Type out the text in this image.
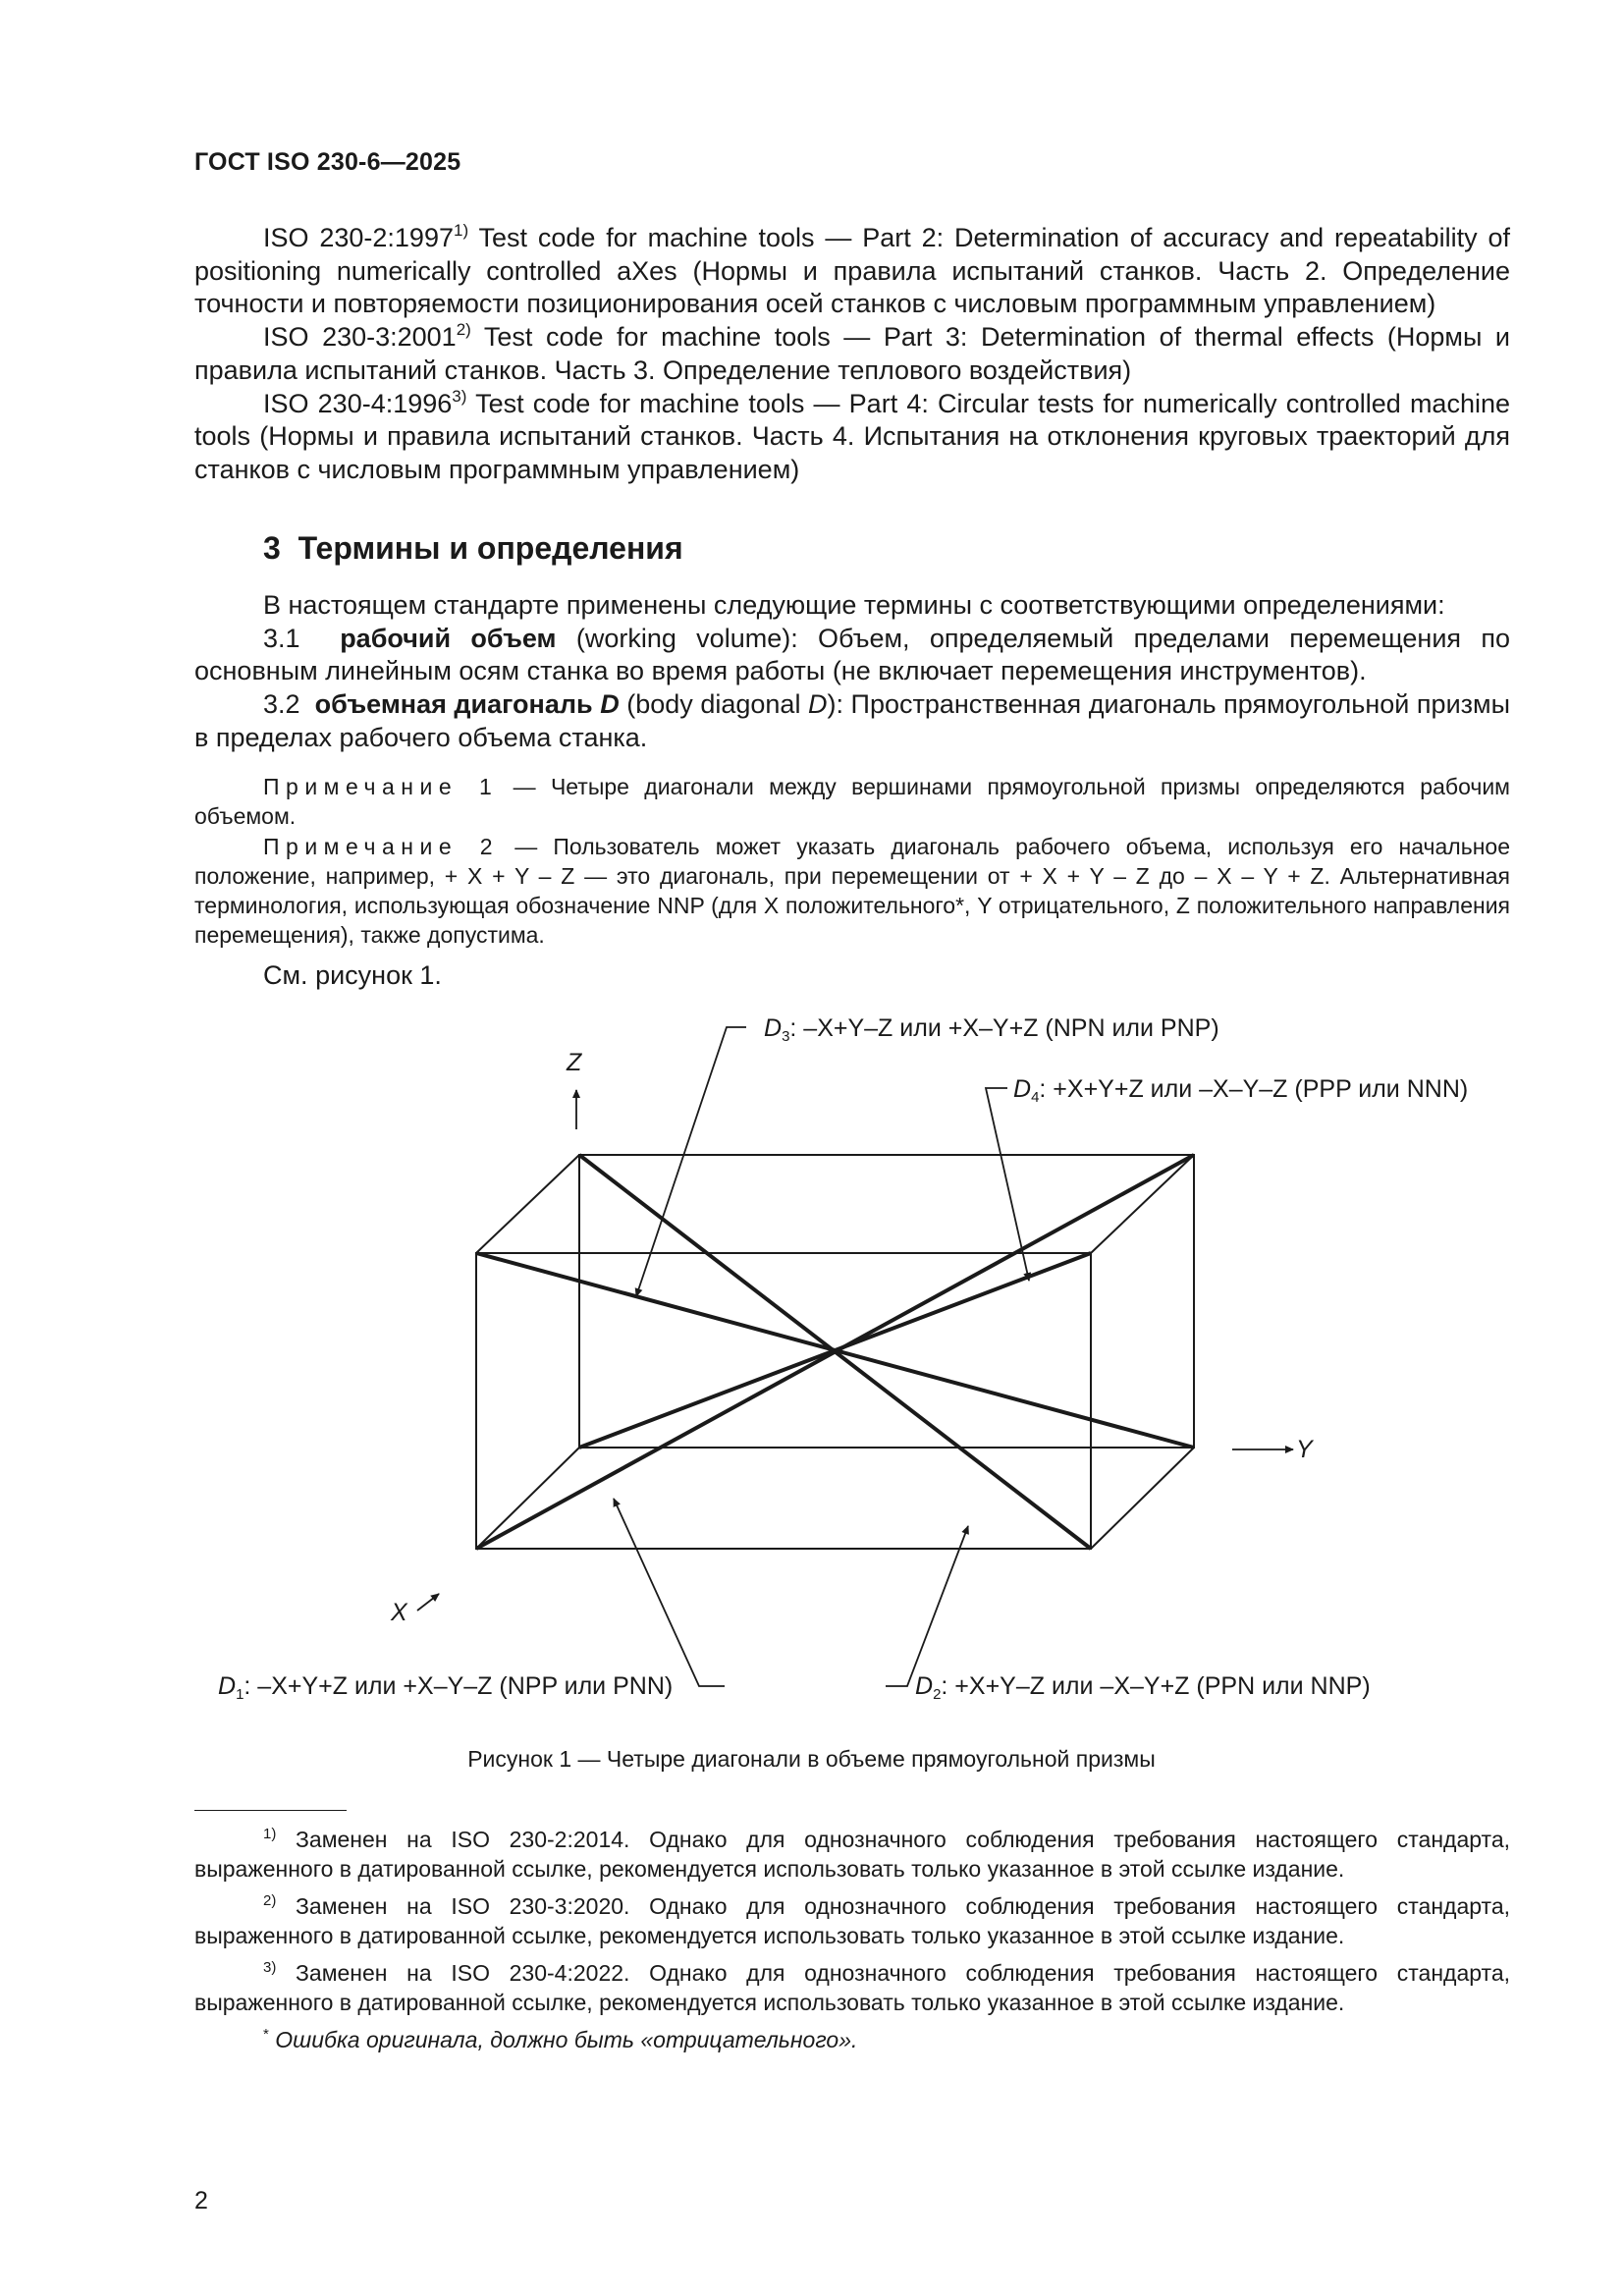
ГОСТ ISO 230-6—2025

ISO 230-2:1997$^{1)}$ Test code for machine tools — Part 2: Determination of accuracy and repeatability of positioning numerically controlled aXes (Нормы и правила испытаний станков. Часть 2. Определение точности и повторяемости позиционирования осей станков с числовым программным управлением)

ISO 230-3:2001$^{2)}$ Test code for machine tools — Part 3: Determination of thermal effects (Нормы и правила испытаний станков. Часть 3. Определение теплового воздействия)

ISO 230-4:1996$^{3)}$ Test code for machine tools — Part 4: Circular tests for numerically controlled machine tools (Нормы и правила испытаний станков. Часть 4. Испытания на отклонения круговых траекторий для станков с числовым программным управлением)

3 Термины и определения

В настоящем стандарте применены следующие термины с соответствующими определениями:

3.1 рабочий объем (working volume): Объем, определяемый пределами перемещения по основным линейным осям станка во время работы (не включает перемещения инструментов).

3.2 объемная диагональ D (body diagonal D): Пространственная диагональ прямоугольной призмы в пределах рабочего объема станка.

Примечание 1 — Четыре диагонали между вершинами прямоугольной призмы определяются рабочим объемом.

Примечание 2 — Пользователь может указать диагональ рабочего объема, используя его начальное положение, например, + X + Y – Z — это диагональ, при перемещении от + X + Y – Z до – X – Y + Z. Альтернативная терминология, использующая обозначение NNP (для X положительного*, Y отрицательного, Z положительного направления перемещения), также допустима.

См. рисунок 1.
Z
Y
X
$D_3$: –X+Y–Z или +X–Y+Z (NPN или PNP)
$D_4$: +X+Y+Z или –X–Y–Z (PPP или NNN)
$D_1$: –X+Y+Z или +X–Y–Z (NPP или PNN)	$D_2$: +X+Y–Z или –X–Y+Z (PPN или NNP)
Рисунок 1 — Четыре диагонали в объеме прямоугольной призмы

$^{1)}$ Заменен на ISO 230-2:2014. Однако для однозначного соблюдения требования настоящего стандарта, выраженного в датированной ссылке, рекомендуется использовать только указанное в этой ссылке издание.

$^{2)}$ Заменен на ISO 230-3:2020. Однако для однозначного соблюдения требования настоящего стандарта, выраженного в датированной ссылке, рекомендуется использовать только указанное в этой ссылке издание.

$^{3)}$ Заменен на ISO 230-4:2022. Однако для однозначного соблюдения требования настоящего стандарта, выраженного в датированной ссылке, рекомендуется использовать только указанное в этой ссылке издание.

* Ошибка оригинала, должно быть «отрицательного».

2
